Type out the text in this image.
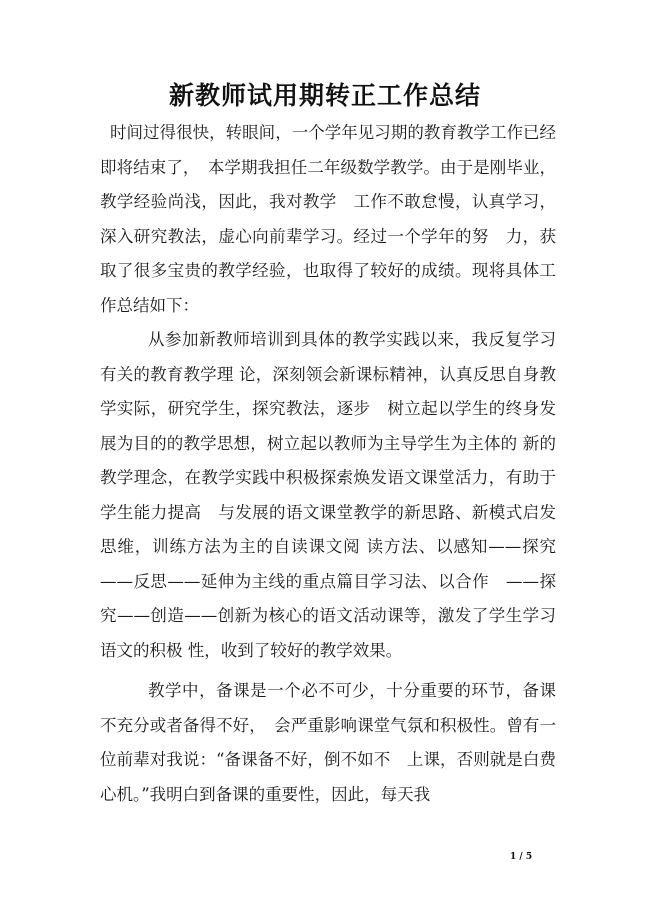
新教师试用期转正工作总结

时间过得很快，转眼间，一个学年见习期的教育教学工作已经即将结束了，　本学期我担任二年级数学教学。由于是刚毕业，教学经验尚浅，因此，我对教学　工作不敢怠慢，认真学习，深入研究教法，虚心向前辈学习。经过一个学年的努　力，获取了很多宝贵的教学经验，也取得了较好的成绩。现将具体工作总结如下：

从参加新教师培训到具体的教学实践以来，我反复学习有关的教育教学理 论，深刻领会新课标精神，认真反思自身教学实际，研究学生，探究教法，逐步　树立起以学生的终身发展为目的的教学思想，树立起以教师为主导学生为主体的 新的教学理念，在教学实践中积极探索焕发语文课堂活力，有助于学生能力提高　与发展的语文课堂教学的新思路、新模式启发思维，训练方法为主的自读课文阅 读方法、以感知——探究——反思——延伸为主线的重点篇目学习法、以合作　——探究——创造——创新为核心的语文活动课等，激发了学生学习语文的积极 性，收到了较好的教学效果。

教学中，备课是一个必不可少，十分重要的环节，备课不充分或者备得不好，　会严重影响课堂气氛和积极性。曾有一位前辈对我说：“备课备不好，倒不如不　上课，否则就是白费心机。”我明白到备课的重要性，因此，每天我

1 / 5
